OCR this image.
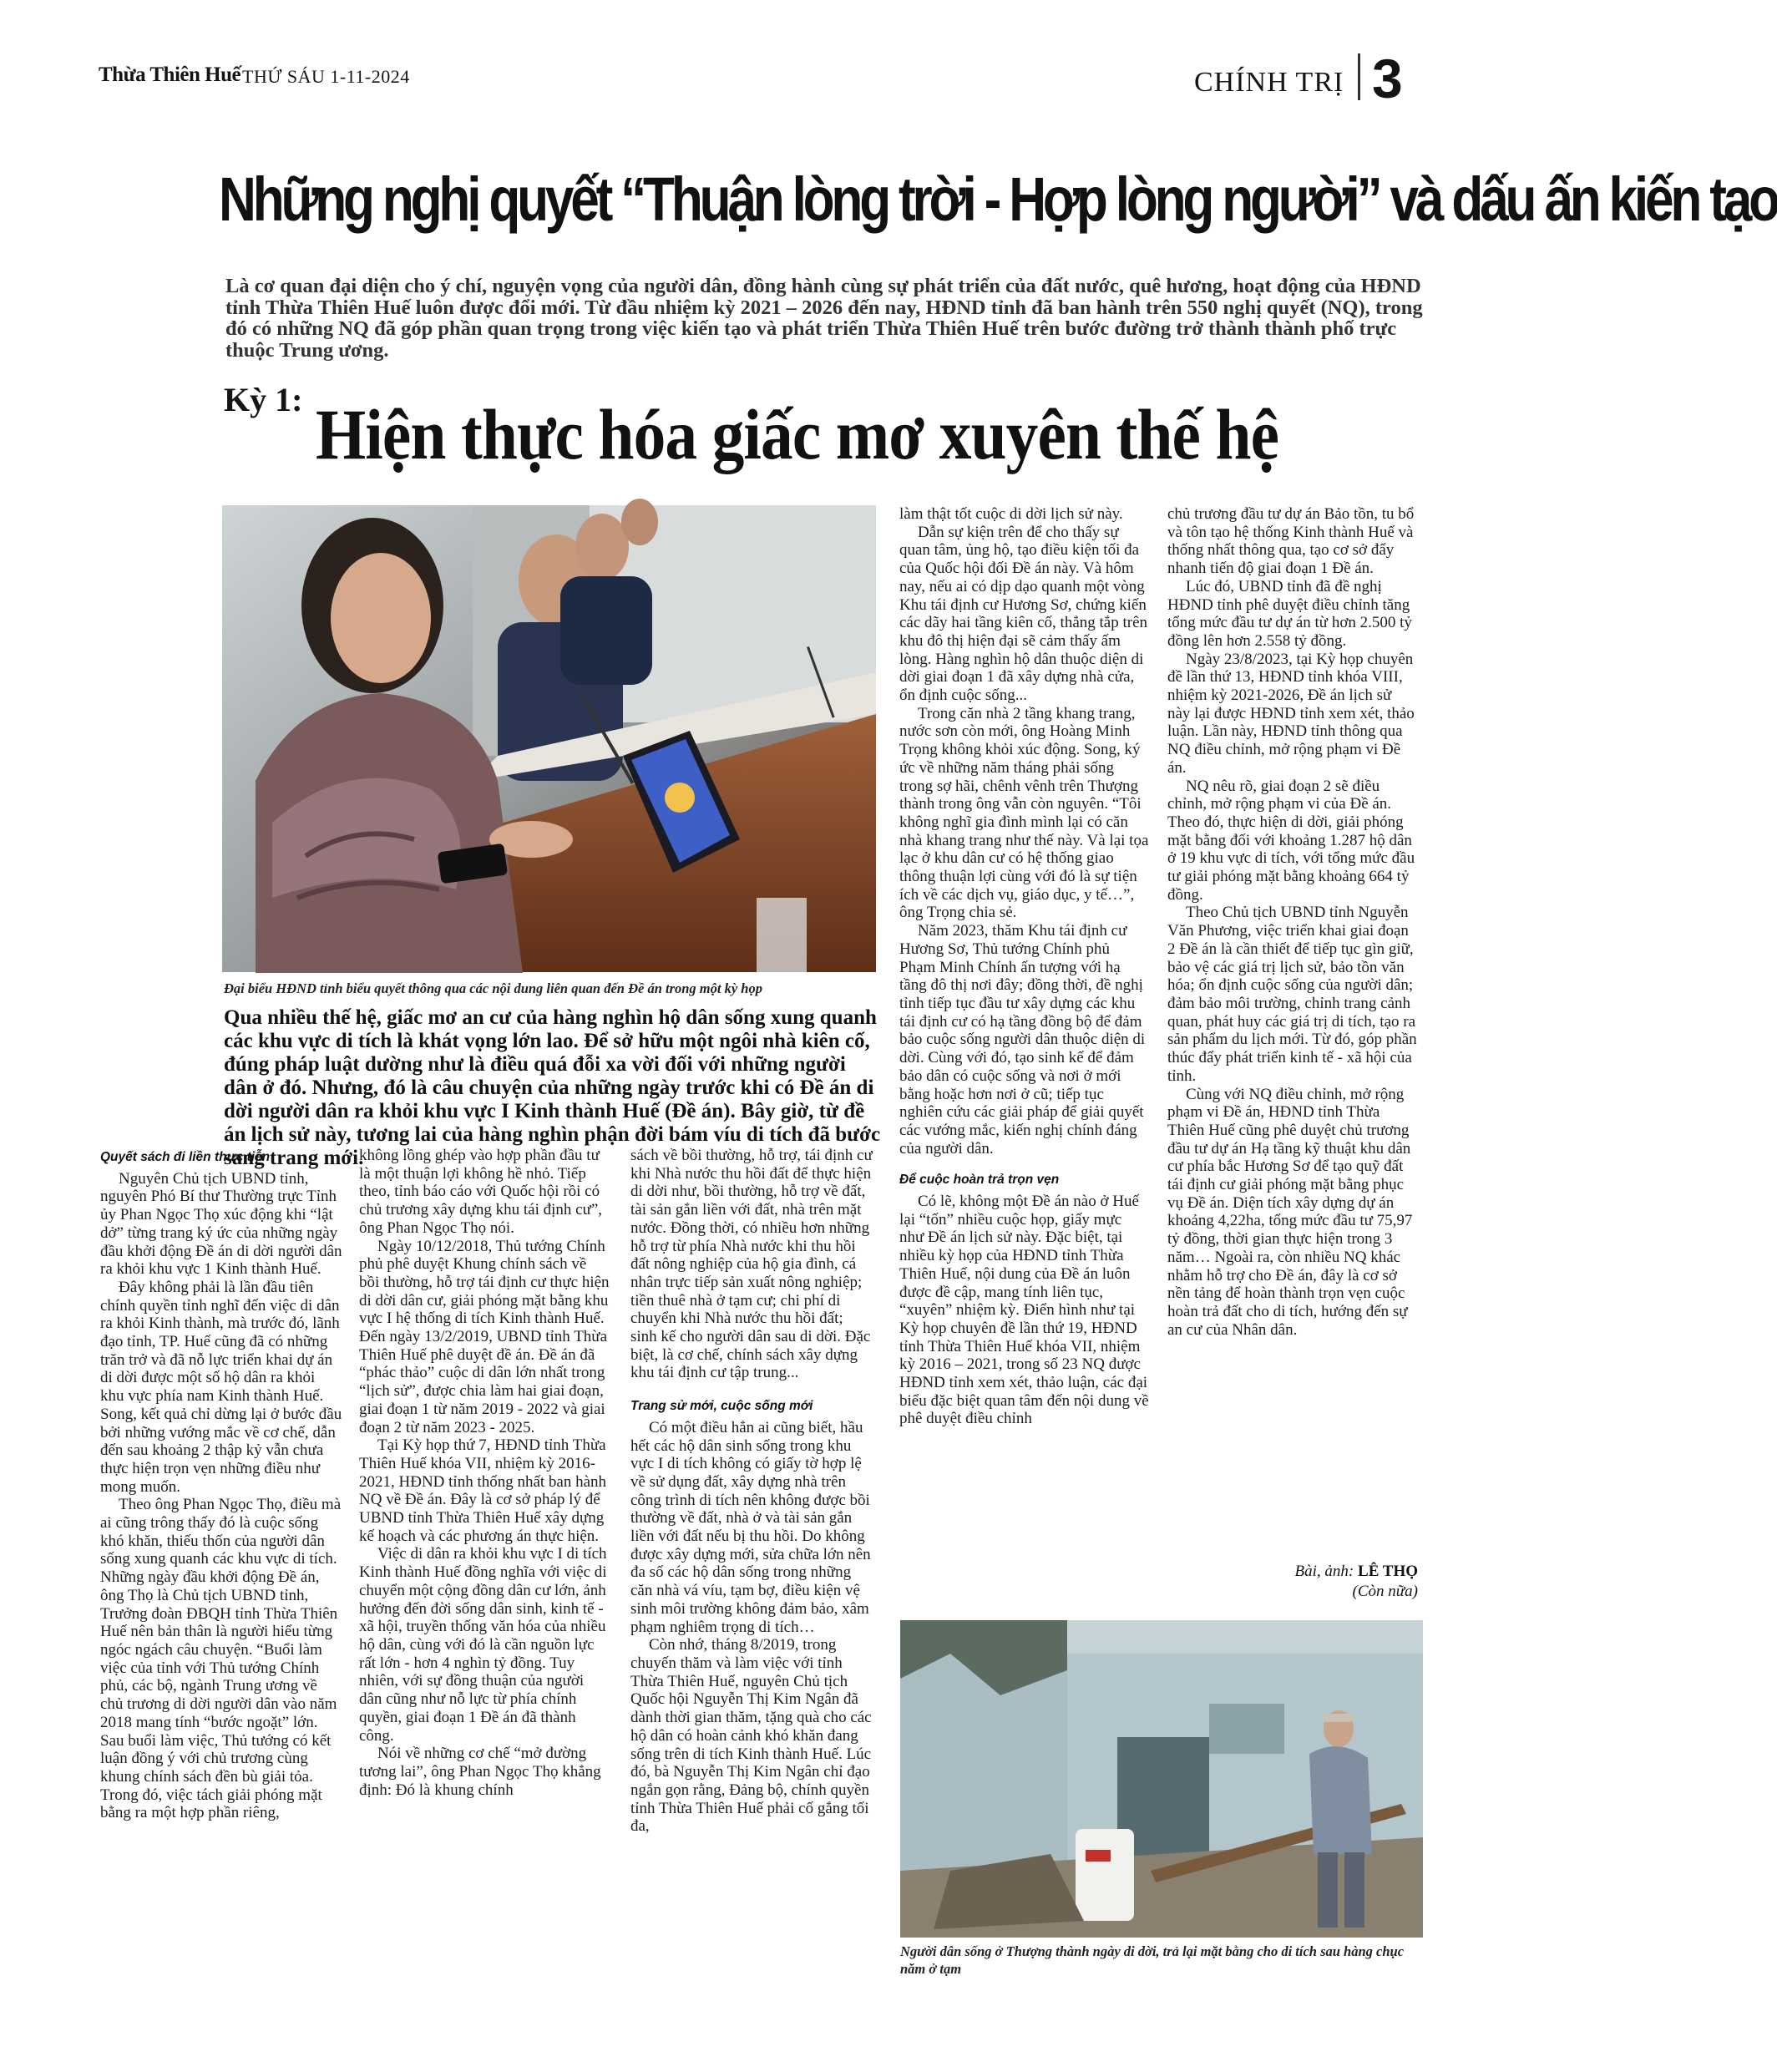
Thừa Thiên Huế THỨ SÁU 1-11-2024	CHÍNH TRỊ 3
Những nghị quyết “Thuận lòng trời - Hợp lòng người” và dấu ấn kiến tạo

Là cơ quan đại diện cho ý chí, nguyện vọng của người dân, đồng hành cùng sự phát triển của đất nước, quê hương, hoạt động của HĐND tỉnh Thừa Thiên Huế luôn được đổi mới. Từ đầu nhiệm kỳ 2021 – 2026 đến nay, HĐND tỉnh đã ban hành trên 550 nghị quyết (NQ), trong đó có những NQ đã góp phần quan trọng trong việc kiến tạo và phát triển Thừa Thiên Huế trên bước đường trở thành thành phố trực thuộc Trung ương.

Kỳ 1: Hiện thực hóa giấc mơ xuyên thế hệ
Đại biểu HĐND tỉnh biểu quyết thông qua các nội dung liên quan đến Đề án trong một kỳ họp

Qua nhiều thế hệ, giấc mơ an cư của hàng nghìn hộ dân sống xung quanh các khu vực di tích là khát vọng lớn lao. Để sở hữu một ngôi nhà kiên cố, đúng pháp luật dường như là điều quá đỗi xa vời đối với những người dân ở đó. Nhưng, đó là câu chuyện của những ngày trước khi có Đề án di dời người dân ra khỏi khu vực I Kinh thành Huế (Đề án). Bây giờ, từ đề án lịch sử này, tương lai của hàng nghìn phận đời bám víu di tích đã bước sang trang mới.

Quyết sách đi liền thực tiễn

Nguyên Chủ tịch UBND tỉnh, nguyên Phó Bí thư Thường trực Tỉnh ủy Phan Ngọc Thọ xúc động khi “lật dở” từng trang ký ức của những ngày đầu khởi động Đề án di dời người dân ra khỏi khu vực 1 Kinh thành Huế.

Đây không phải là lần đầu tiên chính quyền tỉnh nghĩ đến việc di dân ra khỏi Kinh thành, mà trước đó, lãnh đạo tỉnh, TP. Huế cũng đã có những trăn trở và đã nỗ lực triển khai dự án di dời được một số hộ dân ra khỏi khu vực phía nam Kinh thành Huế. Song, kết quả chỉ dừng lại ở bước đầu bởi những vướng mắc về cơ chế, dẫn đến sau khoảng 2 thập kỷ vẫn chưa thực hiện trọn vẹn những điều như mong muốn.

Theo ông Phan Ngọc Thọ, điều mà ai cũng trông thấy đó là cuộc sống khó khăn, thiếu thốn của người dân sống xung quanh các khu vực di tích. Những ngày đầu khởi động Đề án, ông Thọ là Chủ tịch UBND tỉnh, Trưởng đoàn ĐBQH tỉnh Thừa Thiên Huế nên bản thân là người hiểu từng ngóc ngách câu chuyện. “Buổi làm việc của tỉnh với Thủ tướng Chính phủ, các bộ, ngành Trung ương về chủ trương di dời người dân vào năm 2018 mang tính “bước ngoặt” lớn. Sau buổi làm việc, Thủ tướng có kết luận đồng ý với chủ trương cùng khung chính sách đền bù giải tỏa. Trong đó, việc tách giải phóng mặt bằng ra một hợp phần riêng,

không lồng ghép vào hợp phần đầu tư là một thuận lợi không hề nhỏ. Tiếp theo, tỉnh báo cáo với Quốc hội rồi có chủ trương xây dựng khu tái định cư”, ông Phan Ngọc Thọ nói.

Ngày 10/12/2018, Thủ tướng Chính phủ phê duyệt Khung chính sách về bồi thường, hỗ trợ tái định cư thực hiện di dời dân cư, giải phóng mặt bằng khu vực I hệ thống di tích Kinh thành Huế. Đến ngày 13/2/2019, UBND tỉnh Thừa Thiên Huế phê duyệt đề án. Đề án đã “phác thảo” cuộc di dân lớn nhất trong “lịch sử”, được chia làm hai giai đoạn, giai đoạn 1 từ năm 2019 - 2022 và giai đoạn 2 từ năm 2023 - 2025.

Tại Kỳ họp thứ 7, HĐND tỉnh Thừa Thiên Huế khóa VII, nhiệm kỳ 2016-2021, HĐND tỉnh thống nhất ban hành NQ về Đề án. Đây là cơ sở pháp lý để UBND tỉnh Thừa Thiên Huế xây dựng kế hoạch và các phương án thực hiện.

Việc di dân ra khỏi khu vực I di tích Kinh thành Huế đồng nghĩa với việc di chuyển một cộng đồng dân cư lớn, ảnh hưởng đến đời sống dân sinh, kinh tế - xã hội, truyền thống văn hóa của nhiều hộ dân, cùng với đó là cần nguồn lực rất lớn - hơn 4 nghìn tỷ đồng. Tuy nhiên, với sự đồng thuận của người dân cũng như nỗ lực từ phía chính quyền, giai đoạn 1 Đề án đã thành công.

Nói về những cơ chế “mở đường tương lai”, ông Phan Ngọc Thọ khẳng định: Đó là khung chính

sách về bồi thường, hỗ trợ, tái định cư khi Nhà nước thu hồi đất để thực hiện di dời như, bồi thường, hỗ trợ về đất, tài sản gắn liền với đất, nhà trên mặt nước. Đồng thời, có nhiều hơn những hỗ trợ từ phía Nhà nước khi thu hồi đất nông nghiệp của hộ gia đình, cá nhân trực tiếp sản xuất nông nghiệp; tiền thuê nhà ở tạm cư; chi phí di chuyển khi Nhà nước thu hồi đất; sinh kế cho người dân sau di dời. Đặc biệt, là cơ chế, chính sách xây dựng khu tái định cư tập trung...

Trang sử mới, cuộc sống mới

Có một điều hẳn ai cũng biết, hầu hết các hộ dân sinh sống trong khu vực I di tích không có giấy tờ hợp lệ về sử dụng đất, xây dựng nhà trên công trình di tích nên không được bồi thường về đất, nhà ở và tài sản gắn liền với đất nếu bị thu hồi. Do không được xây dựng mới, sửa chữa lớn nên đa số các hộ dân sống trong những căn nhà vá víu, tạm bợ, điều kiện vệ sinh môi trường không đảm bảo, xâm phạm nghiêm trọng di tích…

Còn nhớ, tháng 8/2019, trong chuyến thăm và làm việc với tỉnh Thừa Thiên Huế, nguyên Chủ tịch Quốc hội Nguyễn Thị Kim Ngân đã dành thời gian thăm, tặng quà cho các hộ dân có hoàn cảnh khó khăn đang sống trên di tích Kinh thành Huế. Lúc đó, bà Nguyễn Thị Kim Ngân chỉ đạo ngắn gọn rằng, Đảng bộ, chính quyền tỉnh Thừa Thiên Huế phải cố gắng tối đa,

làm thật tốt cuộc di dời lịch sử này.

Dẫn sự kiện trên để cho thấy sự quan tâm, ủng hộ, tạo điều kiện tối đa của Quốc hội đối Đề án này. Và hôm nay, nếu ai có dịp dạo quanh một vòng Khu tái định cư Hương Sơ, chứng kiến các dãy hai tầng kiên cố, thẳng tắp trên khu đô thị hiện đại sẽ cảm thấy ấm lòng. Hàng nghìn hộ dân thuộc diện di dời giai đoạn 1 đã xây dựng nhà cửa, ổn định cuộc sống...

Trong căn nhà 2 tầng khang trang, nước sơn còn mới, ông Hoàng Minh Trọng không khỏi xúc động. Song, ký ức về những năm tháng phải sống trong sợ hãi, chênh vênh trên Thượng thành trong ông vẫn còn nguyên. “Tôi không nghĩ gia đình mình lại có căn nhà khang trang như thế này. Và lại tọa lạc ở khu dân cư có hệ thống giao thông thuận lợi cùng với đó là sự tiện ích về các dịch vụ, giáo dục, y tế…”, ông Trọng chia sẻ.

Năm 2023, thăm Khu tái định cư Hương Sơ, Thủ tướng Chính phủ Phạm Minh Chính ấn tượng với hạ tầng đô thị nơi đây; đồng thời, đề nghị tỉnh tiếp tục đầu tư xây dựng các khu tái định cư có hạ tầng đồng bộ để đảm bảo cuộc sống người dân thuộc diện di dời. Cùng với đó, tạo sinh kế để đảm bảo dân có cuộc sống và nơi ở mới bằng hoặc hơn nơi ở cũ; tiếp tục nghiên cứu các giải pháp để giải quyết các vướng mắc, kiến nghị chính đáng của người dân.

Để cuộc hoàn trả trọn vẹn

Có lẽ, không một Đề án nào ở Huế lại “tốn” nhiều cuộc họp, giấy mực như Đề án lịch sử này. Đặc biệt, tại nhiều kỳ họp của HĐND tỉnh Thừa Thiên Huế, nội dung của Đề án luôn được đề cập, mang tính liên tục, “xuyên” nhiệm kỳ. Điển hình như tại Kỳ họp chuyên đề lần thứ 19, HĐND tỉnh Thừa Thiên Huế khóa VII, nhiệm kỳ 2016 – 2021, trong số 23 NQ được HĐND tỉnh xem xét, thảo luận, các đại biểu đặc biệt quan tâm đến nội dung về phê duyệt điều chỉnh

chủ trương đầu tư dự án Bảo tồn, tu bổ và tôn tạo hệ thống Kinh thành Huế và thống nhất thông qua, tạo cơ sở đẩy nhanh tiến độ giai đoạn 1 Đề án.

Lúc đó, UBND tỉnh đã đề nghị HĐND tỉnh phê duyệt điều chỉnh tăng tổng mức đầu tư dự án từ hơn 2.500 tỷ đồng lên hơn 2.558 tỷ đồng.

Ngày 23/8/2023, tại Kỳ họp chuyên đề lần thứ 13, HĐND tỉnh khóa VIII, nhiệm kỳ 2021-2026, Đề án lịch sử này lại được HĐND tỉnh xem xét, thảo luận. Lần này, HĐND tỉnh thông qua NQ điều chỉnh, mở rộng phạm vi Đề án.

NQ nêu rõ, giai đoạn 2 sẽ điều chỉnh, mở rộng phạm vi của Đề án. Theo đó, thực hiện di dời, giải phóng mặt bằng đối với khoảng 1.287 hộ dân ở 19 khu vực di tích, với tổng mức đầu tư giải phóng mặt bằng khoảng 664 tỷ đồng.

Theo Chủ tịch UBND tỉnh Nguyễn Văn Phương, việc triển khai giai đoạn 2 Đề án là cần thiết để tiếp tục gìn giữ, bảo vệ các giá trị lịch sử, bảo tồn văn hóa; ổn định cuộc sống của người dân; đảm bảo môi trường, chỉnh trang cảnh quan, phát huy các giá trị di tích, tạo ra sản phẩm du lịch mới. Từ đó, góp phần thúc đẩy phát triển kinh tế - xã hội của tỉnh.

Cùng với NQ điều chỉnh, mở rộng phạm vi Đề án, HĐND tỉnh Thừa Thiên Huế cũng phê duyệt chủ trương đầu tư dự án Hạ tầng kỹ thuật khu dân cư phía bắc Hương Sơ để tạo quỹ đất tái định cư giải phóng mặt bằng phục vụ Đề án. Diện tích xây dựng dự án khoảng 4,22ha, tổng mức đầu tư 75,97 tỷ đồng, thời gian thực hiện trong 3 năm… Ngoài ra, còn nhiều NQ khác nhằm hỗ trợ cho Đề án, đây là cơ sở nền tảng để hoàn thành trọn vẹn cuộc hoàn trả đất cho di tích, hướng đến sự an cư của Nhân dân.

Bài, ảnh: LÊ THỌ
(Còn nữa)
Người dân sống ở Thượng thành ngày di dời, trả lại mặt bằng cho di tích sau hàng chục năm ở tạm
